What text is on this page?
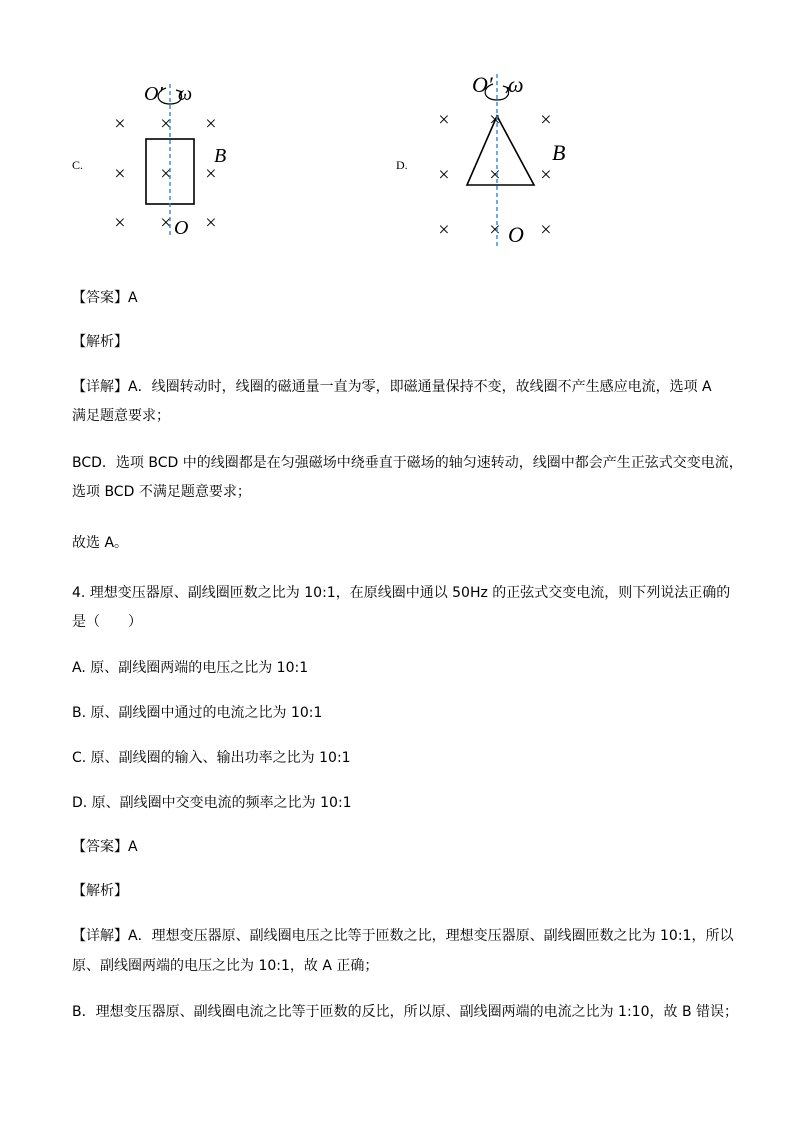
C.
× × ×
× × ×
× × ×
O′ ω
B
O
D.
× × ×
× × ×
× × ×
O′ ω
B
O
【答案】A
【解析】
【详解】A．线圈转动时，线圈的磁通量一直为零，即磁通量保持不变，故线圈不产生感应电流，选项 A
满足题意要求；
BCD．选项 BCD 中的线圈都是在匀强磁场中绕垂直于磁场的轴匀速转动，线圈中都会产生正弦式交变电流，
选项 BCD 不满足题意要求；
故选 A。
4. 理想变压器原、副线圈匝数之比为 10:1，在原线圈中通以 50Hz 的正弦式交变电流，则下列说法正确的
是（　　）
A. 原、副线圈两端的电压之比为 10:1
B. 原、副线圈中通过的电流之比为 10:1
C. 原、副线圈的输入、输出功率之比为 10:1
D. 原、副线圈中交变电流的频率之比为 10:1
【答案】A
【解析】
【详解】A．理想变压器原、副线圈电压之比等于匝数之比，理想变压器原、副线圈匝数之比为 10:1，所以
原、副线圈两端的电压之比为 10:1，故 A 正确；
B．理想变压器原、副线圈电流之比等于匝数的反比，所以原、副线圈两端的电流之比为 1:10，故 B 错误；
